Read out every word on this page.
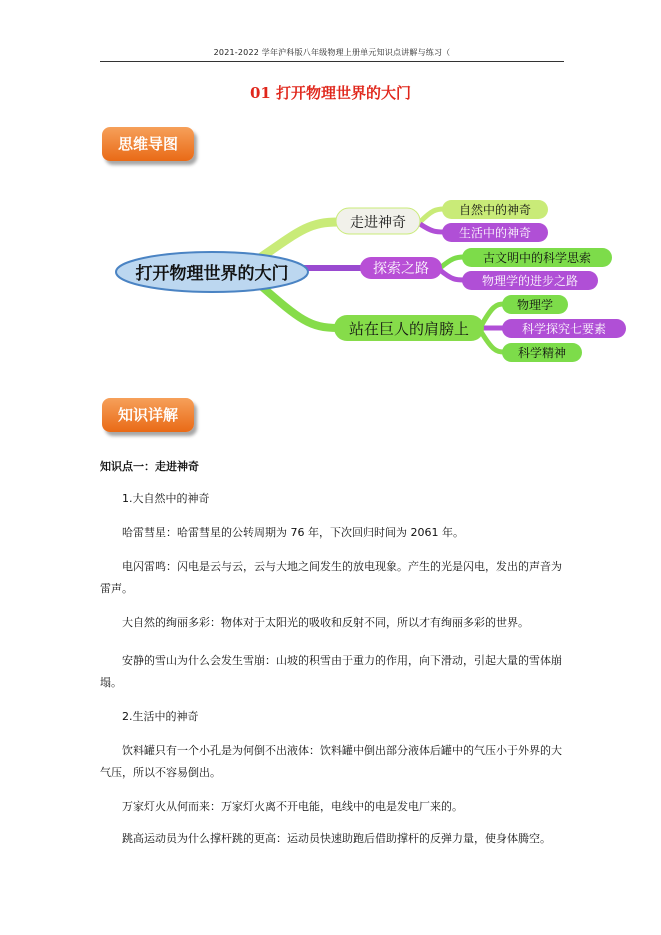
2021-2022 学年沪科版八年级物理上册单元知识点讲解与练习（
01 打开物理世界的大门
思维导图
打开物理世界的大门
走进神奇
自然中的神奇
生活中的神奇
探索之路
古文明中的科学思索
物理学的进步之路
站在巨人的肩膀上
物理学
科学探究七要素
科学精神
知识详解
知识点一：走进神奇
1.大自然中的神奇
哈雷彗星：哈雷彗星的公转周期为 76 年，下次回归时间为 2061 年。
电闪雷鸣：闪电是云与云，云与大地之间发生的放电现象。产生的光是闪电，发出的声音为雷声。
大自然的绚丽多彩：物体对于太阳光的吸收和反射不同，所以才有绚丽多彩的世界。
安静的雪山为什么会发生雪崩：山坡的积雪由于重力的作用，向下滑动，引起大量的雪体崩塌。
2.生活中的神奇
饮料罐只有一个小孔是为何倒不出液体：饮料罐中倒出部分液体后罐中的气压小于外界的大气压，所以不容易倒出。
万家灯火从何而来：万家灯火离不开电能，电线中的电是发电厂来的。
跳高运动员为什么撑杆跳的更高：运动员快速助跑后借助撑杆的反弹力量，使身体腾空。
